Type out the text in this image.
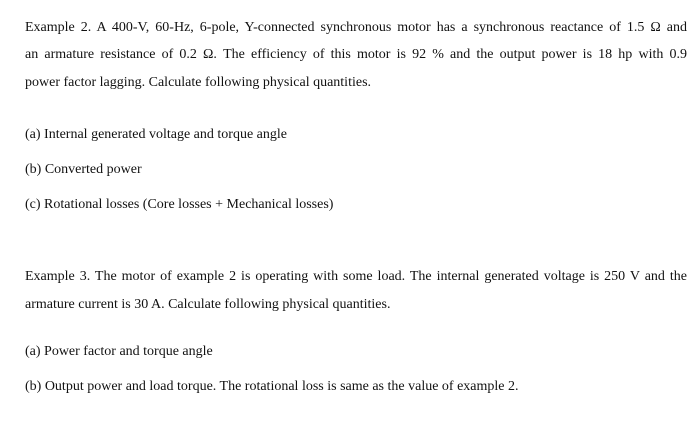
Example 2. A 400-V, 60-Hz, 6-pole, Y-connected synchronous motor has a synchronous reactance of 1.5 Ω and
an armature resistance of 0.2 Ω. The efficiency of this motor is 92 % and the output power is 18 hp with 0.9
power factor lagging. Calculate following physical quantities.
(a) Internal generated voltage and torque angle
(b) Converted power
(c) Rotational losses (Core losses + Mechanical losses)
Example 3. The motor of example 2 is operating with some load. The internal generated voltage is 250 V and the
armature current is 30 A. Calculate following physical quantities.
(a) Power factor and torque angle
(b) Output power and load torque. The rotational loss is same as the value of example 2.
